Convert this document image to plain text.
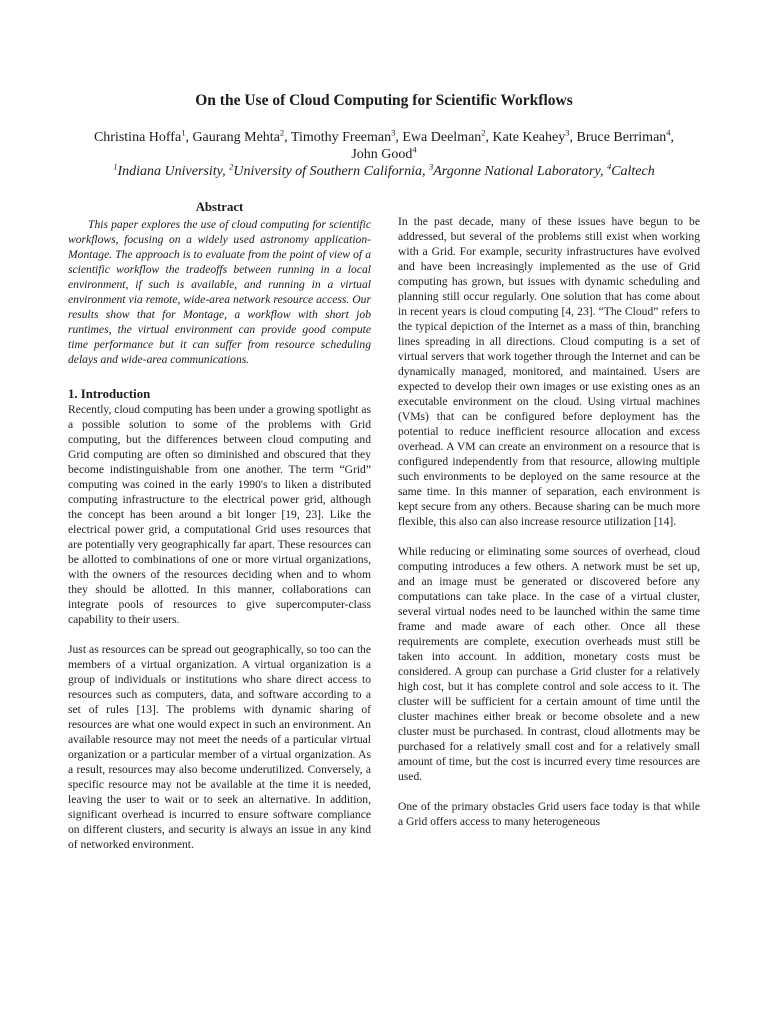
On the Use of Cloud Computing for Scientific Workflows
Christina Hoffa$^1$, Gaurang Mehta$^2$, Timothy Freeman$^3$, Ewa Deelman$^2$, Kate Keahey$^3$, Bruce Berriman$^4$, John Good$^4$
$^1$Indiana University, $^2$University of Southern California, $^3$Argonne National Laboratory, $^4$Caltech
Abstract

This paper explores the use of cloud computing for scientific workflows, focusing on a widely used astronomy application-Montage. The approach is to evaluate from the point of view of a scientific workflow the tradeoffs between running in a local environment, if such is available, and running in a virtual environment via remote, wide-area network resource access. Our results show that for Montage, a workflow with short job runtimes, the virtual environment can provide good compute time performance but it can suffer from resource scheduling delays and wide-area communications.

1. Introduction

Recently, cloud computing has been under a growing spotlight as a possible solution to some of the problems with Grid computing, but the differences between cloud computing and Grid computing are often so diminished and obscured that they become indistinguishable from one another. The term “Grid” computing was coined in the early 1990's to liken a distributed computing infrastructure to the electrical power grid, although the concept has been around a bit longer [19, 23]. Like the electrical power grid, a computational Grid uses resources that are potentially very geographically far apart. These resources can be allotted to combinations of one or more virtual organizations, with the owners of the resources deciding when and to whom they should be allotted. In this manner, collaborations can integrate pools of resources to give supercomputer-class capability to their users.

Just as resources can be spread out geographically, so too can the members of a virtual organization. A virtual organization is a group of individuals or institutions who share direct access to resources such as computers, data, and software according to a set of rules [13]. The problems with dynamic sharing of resources are what one would expect in such an environment. An available resource may not meet the needs of a particular virtual organization or a particular member of a virtual organization. As a result, resources may also become underutilized. Conversely, a specific resource may not be available at the time it is needed, leaving the user to wait or to seek an alternative. In addition, significant overhead is incurred to ensure software compliance on different clusters, and security is always an issue in any kind of networked environment.

In the past decade, many of these issues have begun to be addressed, but several of the problems still exist when working with a Grid. For example, security infrastructures have evolved and have been increasingly implemented as the use of Grid computing has grown, but issues with dynamic scheduling and planning still occur regularly. One solution that has come about in recent years is cloud computing [4, 23]. “The Cloud” refers to the typical depiction of the Internet as a mass of thin, branching lines spreading in all directions. Cloud computing is a set of virtual servers that work together through the Internet and can be dynamically managed, monitored, and maintained. Users are expected to develop their own images or use existing ones as an executable environment on the cloud. Using virtual machines (VMs) that can be configured before deployment has the potential to reduce inefficient resource allocation and excess overhead. A VM can create an environment on a resource that is configured independently from that resource, allowing multiple such environments to be deployed on the same resource at the same time. In this manner of separation, each environment is kept secure from any others. Because sharing can be much more flexible, this also can also increase resource utilization [14].

While reducing or eliminating some sources of overhead, cloud computing introduces a few others. A network must be set up, and an image must be generated or discovered before any computations can take place. In the case of a virtual cluster, several virtual nodes need to be launched within the same time frame and made aware of each other. Once all these requirements are complete, execution overheads must still be taken into account. In addition, monetary costs must be considered. A group can purchase a Grid cluster for a relatively high cost, but it has complete control and sole access to it. The cluster will be sufficient for a certain amount of time until the cluster machines either break or become obsolete and a new cluster must be purchased. In contrast, cloud allotments may be purchased for a relatively small cost and for a relatively small amount of time, but the cost is incurred every time resources are used.

One of the primary obstacles Grid users face today is that while a Grid offers access to many heterogeneous
